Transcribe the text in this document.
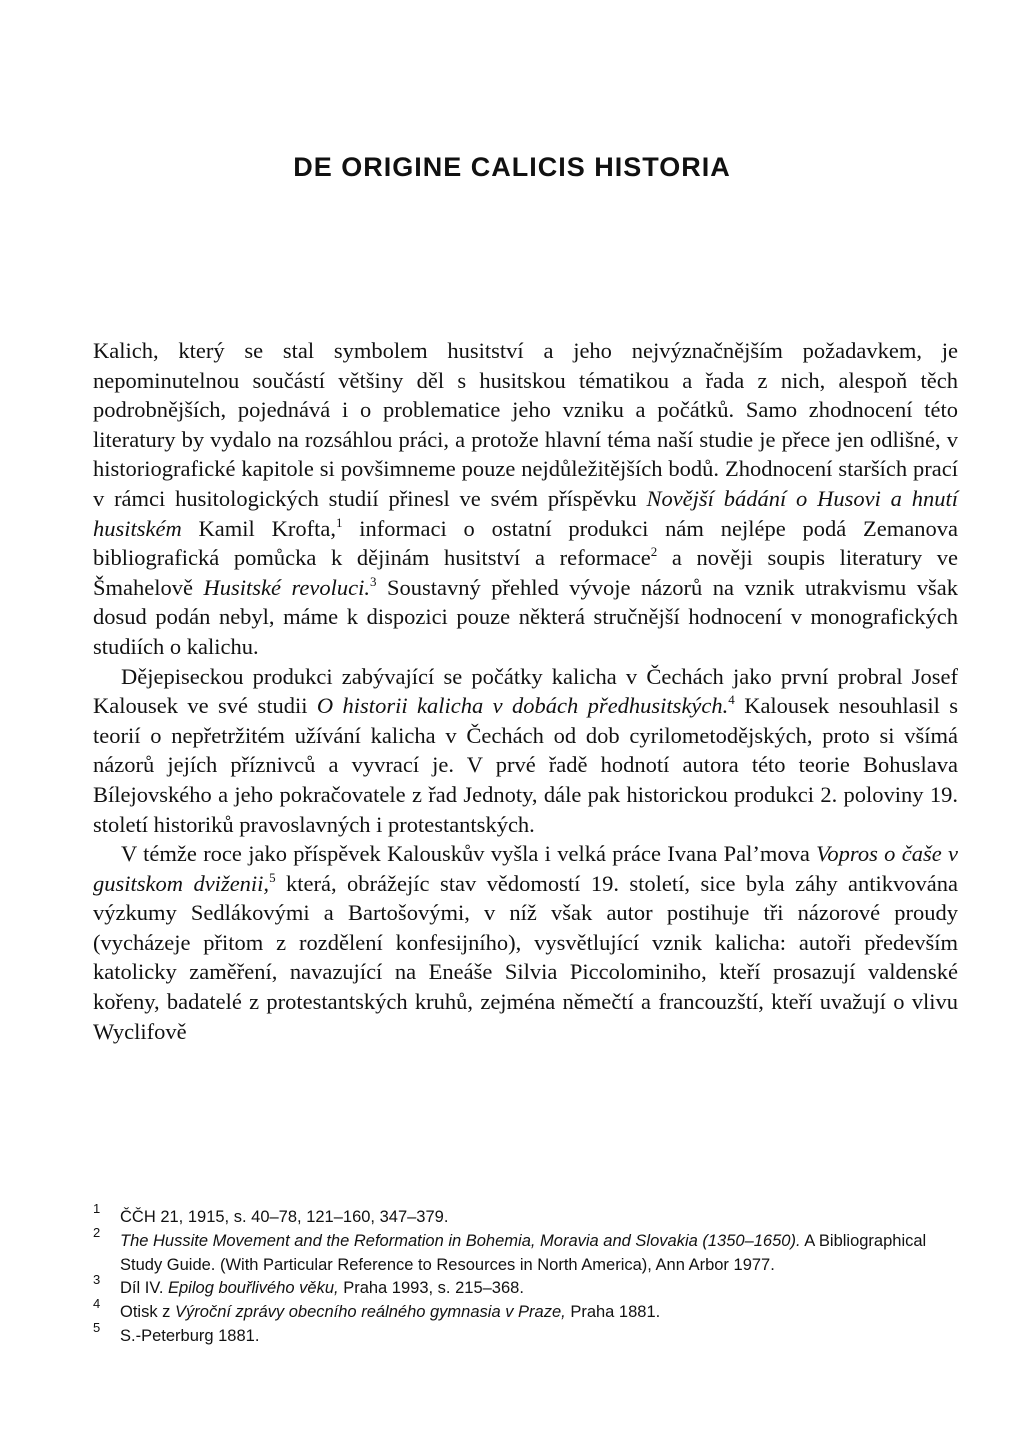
DE ORIGINE CALICIS HISTORIA

Kalich, který se stal symbolem husitství a jeho nejvýznačnějším požadavkem, je nepominutelnou součástí většiny děl s husitskou tématikou a řada z nich, alespoň těch podrobnějších, pojednává i o problematice jeho vzniku a počátků. Samo zhodnocení této literatury by vydalo na rozsáhlou práci, a protože hlavní téma naší studie je přece jen odlišné, v historiografické kapitole si povšimneme pouze nejdůležitějších bodů. Zhodnocení starších prací v rámci husitologických studií přinesl ve svém příspěvku Novější bádání o Husovi a hnutí husitském Kamil Krofta,$^1$ informaci o ostatní produkci nám nejlépe podá Zemanova bibliografická pomůcka k dějinám husitství a reformace$^2$ a nověji soupis literatury ve Šmahelově Husitské revoluci.$^3$ Soustavný přehled vývoje názorů na vznik utrakvismu však dosud podán nebyl, máme k dispozici pouze některá stručnější hodnocení v monografických studiích o kalichu.

Dějepiseckou produkci zabývající se počátky kalicha v Čechách jako první probral Josef Kalousek ve své studii O historii kalicha v dobách předhusitských.$^4$ Kalousek nesouhlasil s teorií o nepřetržitém užívání kalicha v Čechách od dob cyrilometodějských, proto si všímá názorů jejích příznivců a vyvrací je. V prvé řadě hodnotí autora této teorie Bohuslava Bílejovského a jeho pokračovatele z řad Jednoty, dále pak historickou produkci 2. poloviny 19. století historiků pravoslavných i protestantských.

V témže roce jako příspěvek Kalouskův vyšla i velká práce Ivana Pal’mova Vopros o čaše v gusitskom dviženii,$^5$ která, obrážejíc stav vědomostí 19. století, sice byla záhy antikvována výzkumy Sedlákovými a Bartošovými, v níž však autor postihuje tři názorové proudy (vycházeje přitom z rozdělení konfesijního), vysvětlující vznik kalicha: autoři především katolicky zaměření, navazující na Eneáše Silvia Piccolominiho, kteří prosazují valdenské kořeny, badatelé z protestantských kruhů, zejména němečtí a francouzští, kteří uvažují o vlivu Wyclifově

$^1$ ČČH 21, 1915, s. 40–78, 121–160, 347–379.

$^2$ The Hussite Movement and the Reformation in Bohemia, Moravia and Slovakia (1350–1650). A Bibliographical Study Guide. (With Particular Reference to Resources in North America), Ann Arbor 1977.

$^3$ Díl IV. Epilog bouřlivého věku, Praha 1993, s. 215–368.

$^4$ Otisk z Výroční zprávy obecního reálného gymnasia v Praze, Praha 1881.

$^5$ S.-Peterburg 1881.
